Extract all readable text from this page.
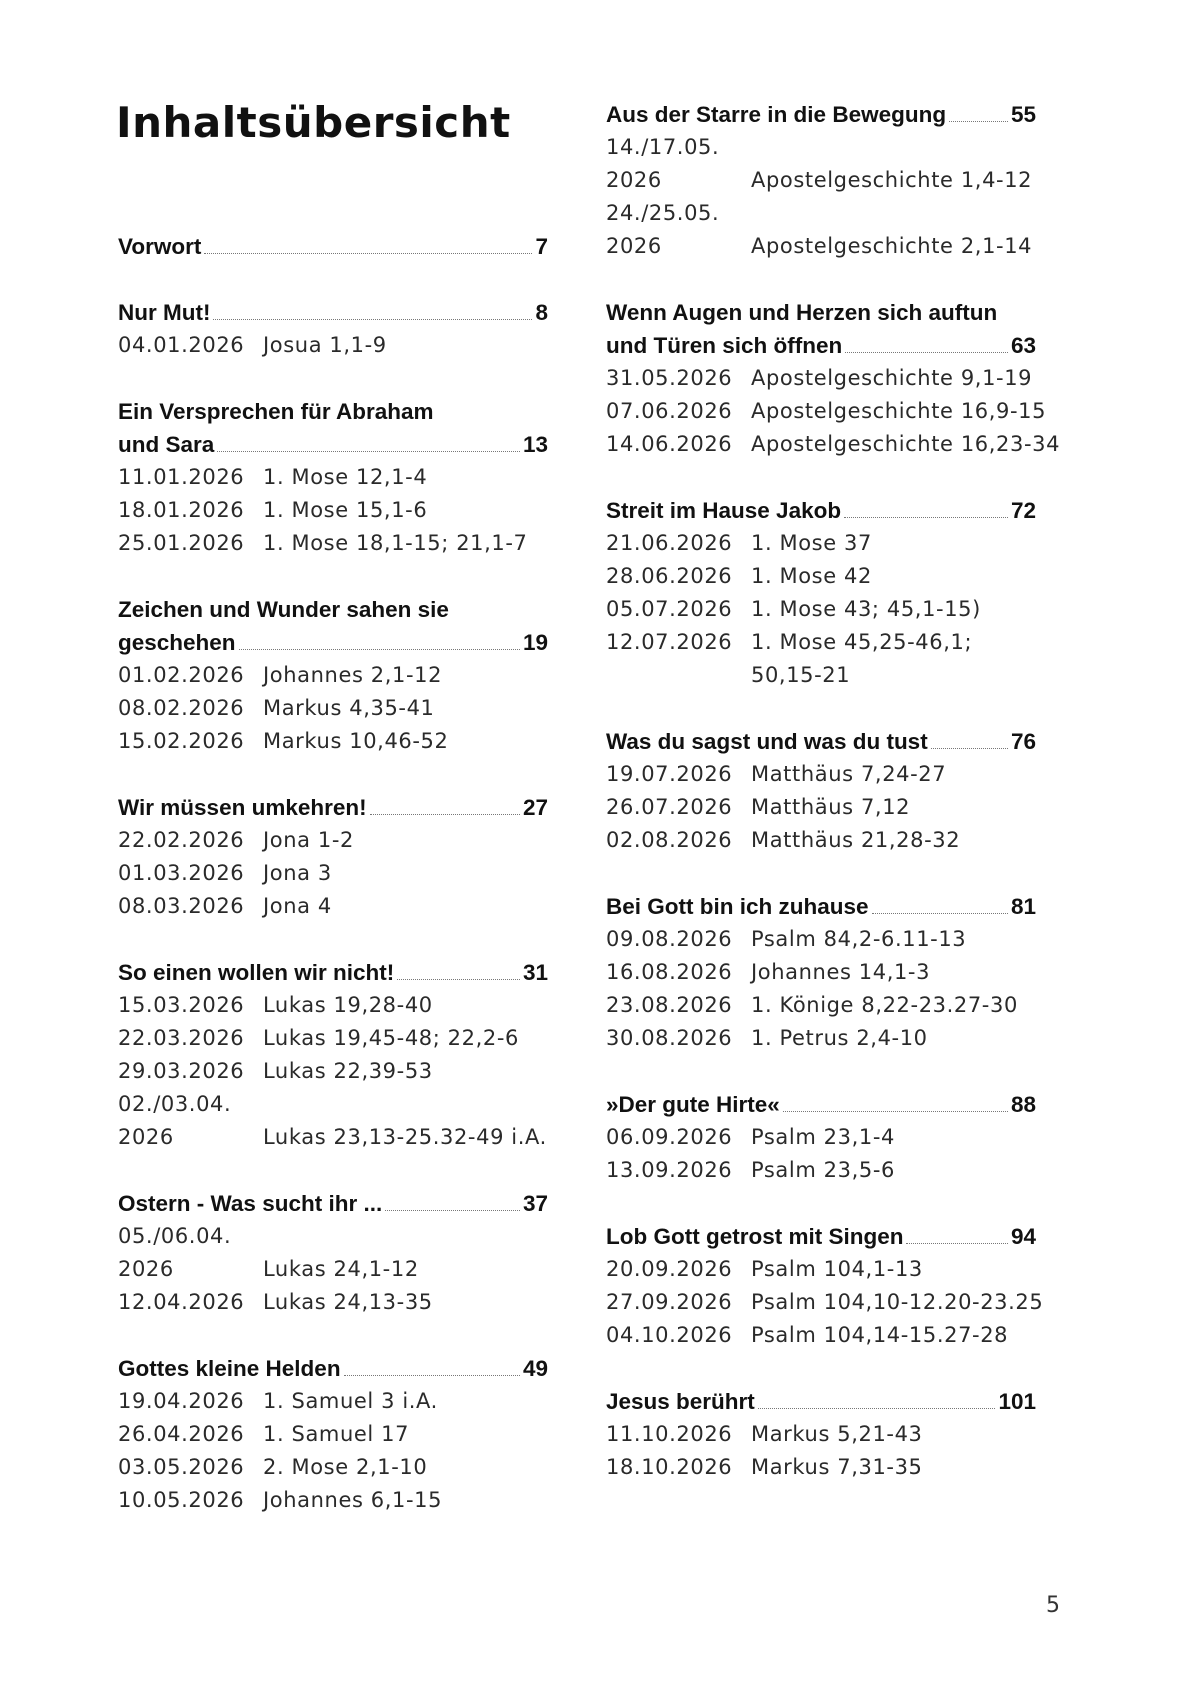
Inhaltsübersicht
Vorwort	7
Nur Mut!	8
04.01.2026 Josua 1,1-9
Ein Versprechen für Abraham
und Sara	13
11.01.2026 1. Mose 12,1-4
18.01.2026 1. Mose 15,1-6
25.01.2026 1. Mose 18,1-15; 21,1-7
Zeichen und Wunder sahen sie
geschehen	19
01.02.2026 Johannes 2,1-12
08.02.2026 Markus 4,35-41
15.02.2026 Markus 10,46-52
Wir müssen umkehren!	27
22.02.2026 Jona 1-2
01.03.2026 Jona 3
08.03.2026 Jona 4
So einen wollen wir nicht!	31
15.03.2026 Lukas 19,28-40
22.03.2026 Lukas 19,45-48; 22,2-6
29.03.2026 Lukas 22,39-53
02./03.04.
2026	Lukas 23,13-25.32-49 i.A.
Ostern - Was sucht ihr ...	37
05./06.04.
2026	Lukas 24,1-12
12.04.2026 Lukas 24,13-35
Gottes kleine Helden	49
19.04.2026 1. Samuel 3 i.A.
26.04.2026 1. Samuel 17
03.05.2026 2. Mose 2,1-10
10.05.2026 Johannes 6,1-15
Aus der Starre in die Bewegung	55
14./17.05.
2026	Apostelgeschichte 1,4-12
24./25.05.
2026	Apostelgeschichte 2,1-14
Wenn Augen und Herzen sich auftun
und Türen sich öffnen	63
31.05.2026 Apostelgeschichte 9,1-19
07.06.2026 Apostelgeschichte 16,9-15
14.06.2026 Apostelgeschichte 16,23-34
Streit im Hause Jakob	72
21.06.2026 1. Mose 37
28.06.2026 1. Mose 42
05.07.2026 1. Mose 43; 45,1-15)
12.07.2026 1. Mose 45,25-46,1;
50,15-21
Was du sagst und was du tust	76
19.07.2026 Matthäus 7,24-27
26.07.2026 Matthäus 7,12
02.08.2026 Matthäus 21,28-32
Bei Gott bin ich zuhause	81
09.08.2026 Psalm 84,2-6.11-13
16.08.2026 Johannes 14,1-3
23.08.2026 1. Könige 8,22-23.27-30
30.08.2026 1. Petrus 2,4-10
»Der gute Hirte«	88
06.09.2026 Psalm 23,1-4
13.09.2026 Psalm 23,5-6
Lob Gott getrost mit Singen	94
20.09.2026 Psalm 104,1-13
27.09.2026 Psalm 104,10-12.20-23.25
04.10.2026 Psalm 104,14-15.27-28
Jesus berührt	101
11.10.2026 Markus 5,21-43
18.10.2026 Markus 7,31-35
5
